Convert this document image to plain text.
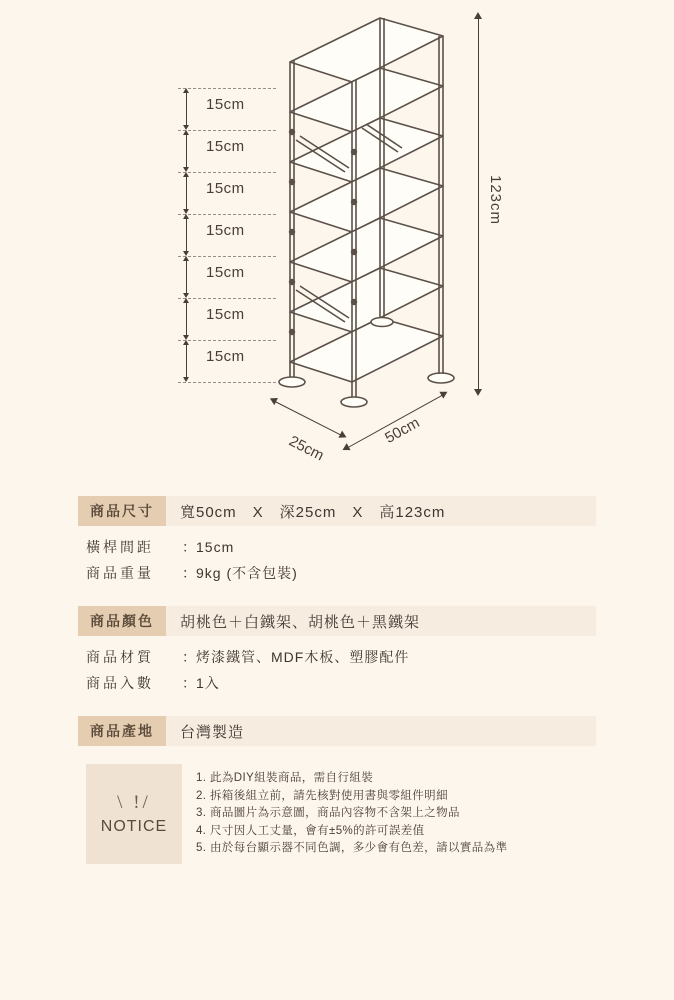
15cm
15cm
15cm
15cm
15cm
15cm
15cm
123cm
25cm
50cm
商品尺寸	寬50cm　X　深25cm　X　高123cm
橫桿間距	： 15cm
商品重量	： 9kg (不含包裝)
商品顏色	胡桃色＋白鐵架、胡桃色＋黑鐵架
商品材質	： 烤漆鐵管、MDF木板、塑膠配件
商品入數	： 1入
商品產地	台灣製造
\ !/
NOTICE
1. 此為DIY組裝商品，需自行組裝
2. 拆箱後組立前，請先核對使用書與零組件明細
3. 商品圖片為示意圖，商品內容物不含架上之物品
4. 尺寸因人工丈量，會有±5%的許可誤差值
5. 由於每台顯示器不同色調，多少會有色差，請以實品為準
